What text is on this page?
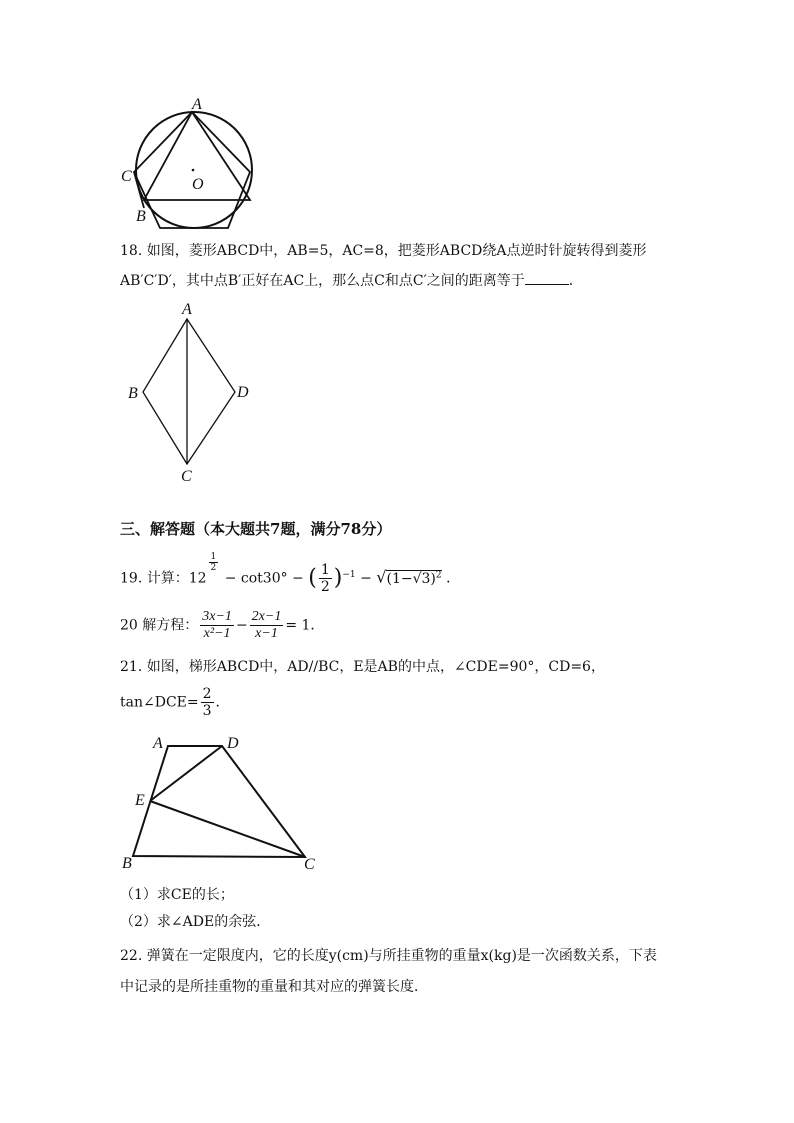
A
C	O
B
18. 如图，菱形ABCD中，AB=5，AC=8，把菱形ABCD绕A点逆时针旋转得到菱形
AB′C′D′，其中点B′正好在AC上，那么点C和点C′之间的距离等于	．
A
B	D
C
三、解答题（本大题共7题，满分78分）
19. 计算：12
$\frac{1}{2}$
− cot30° − ( $\frac{1}{2} )^{-1} - √(1-√3)^2$ ．
20 解方程： $\frac{3x-1}{\text{x²−1}} - \frac{2x-1}{x-1} = 1$．
21. 如图，梯形ABCD中，AD//BC，E是AB的中点，∠CDE=90°，CD=6，
tan∠DCE= $\frac{2}{3}$ ．
A	D
E
B	C
（1）求CE的长；
（2）求∠ADE的余弦．
22. 弹簧在一定限度内，它的长度y(cm)与所挂重物的重量x(kg)是一次函数关系，下表
中记录的是所挂重物的重量和其对应的弹簧长度．
